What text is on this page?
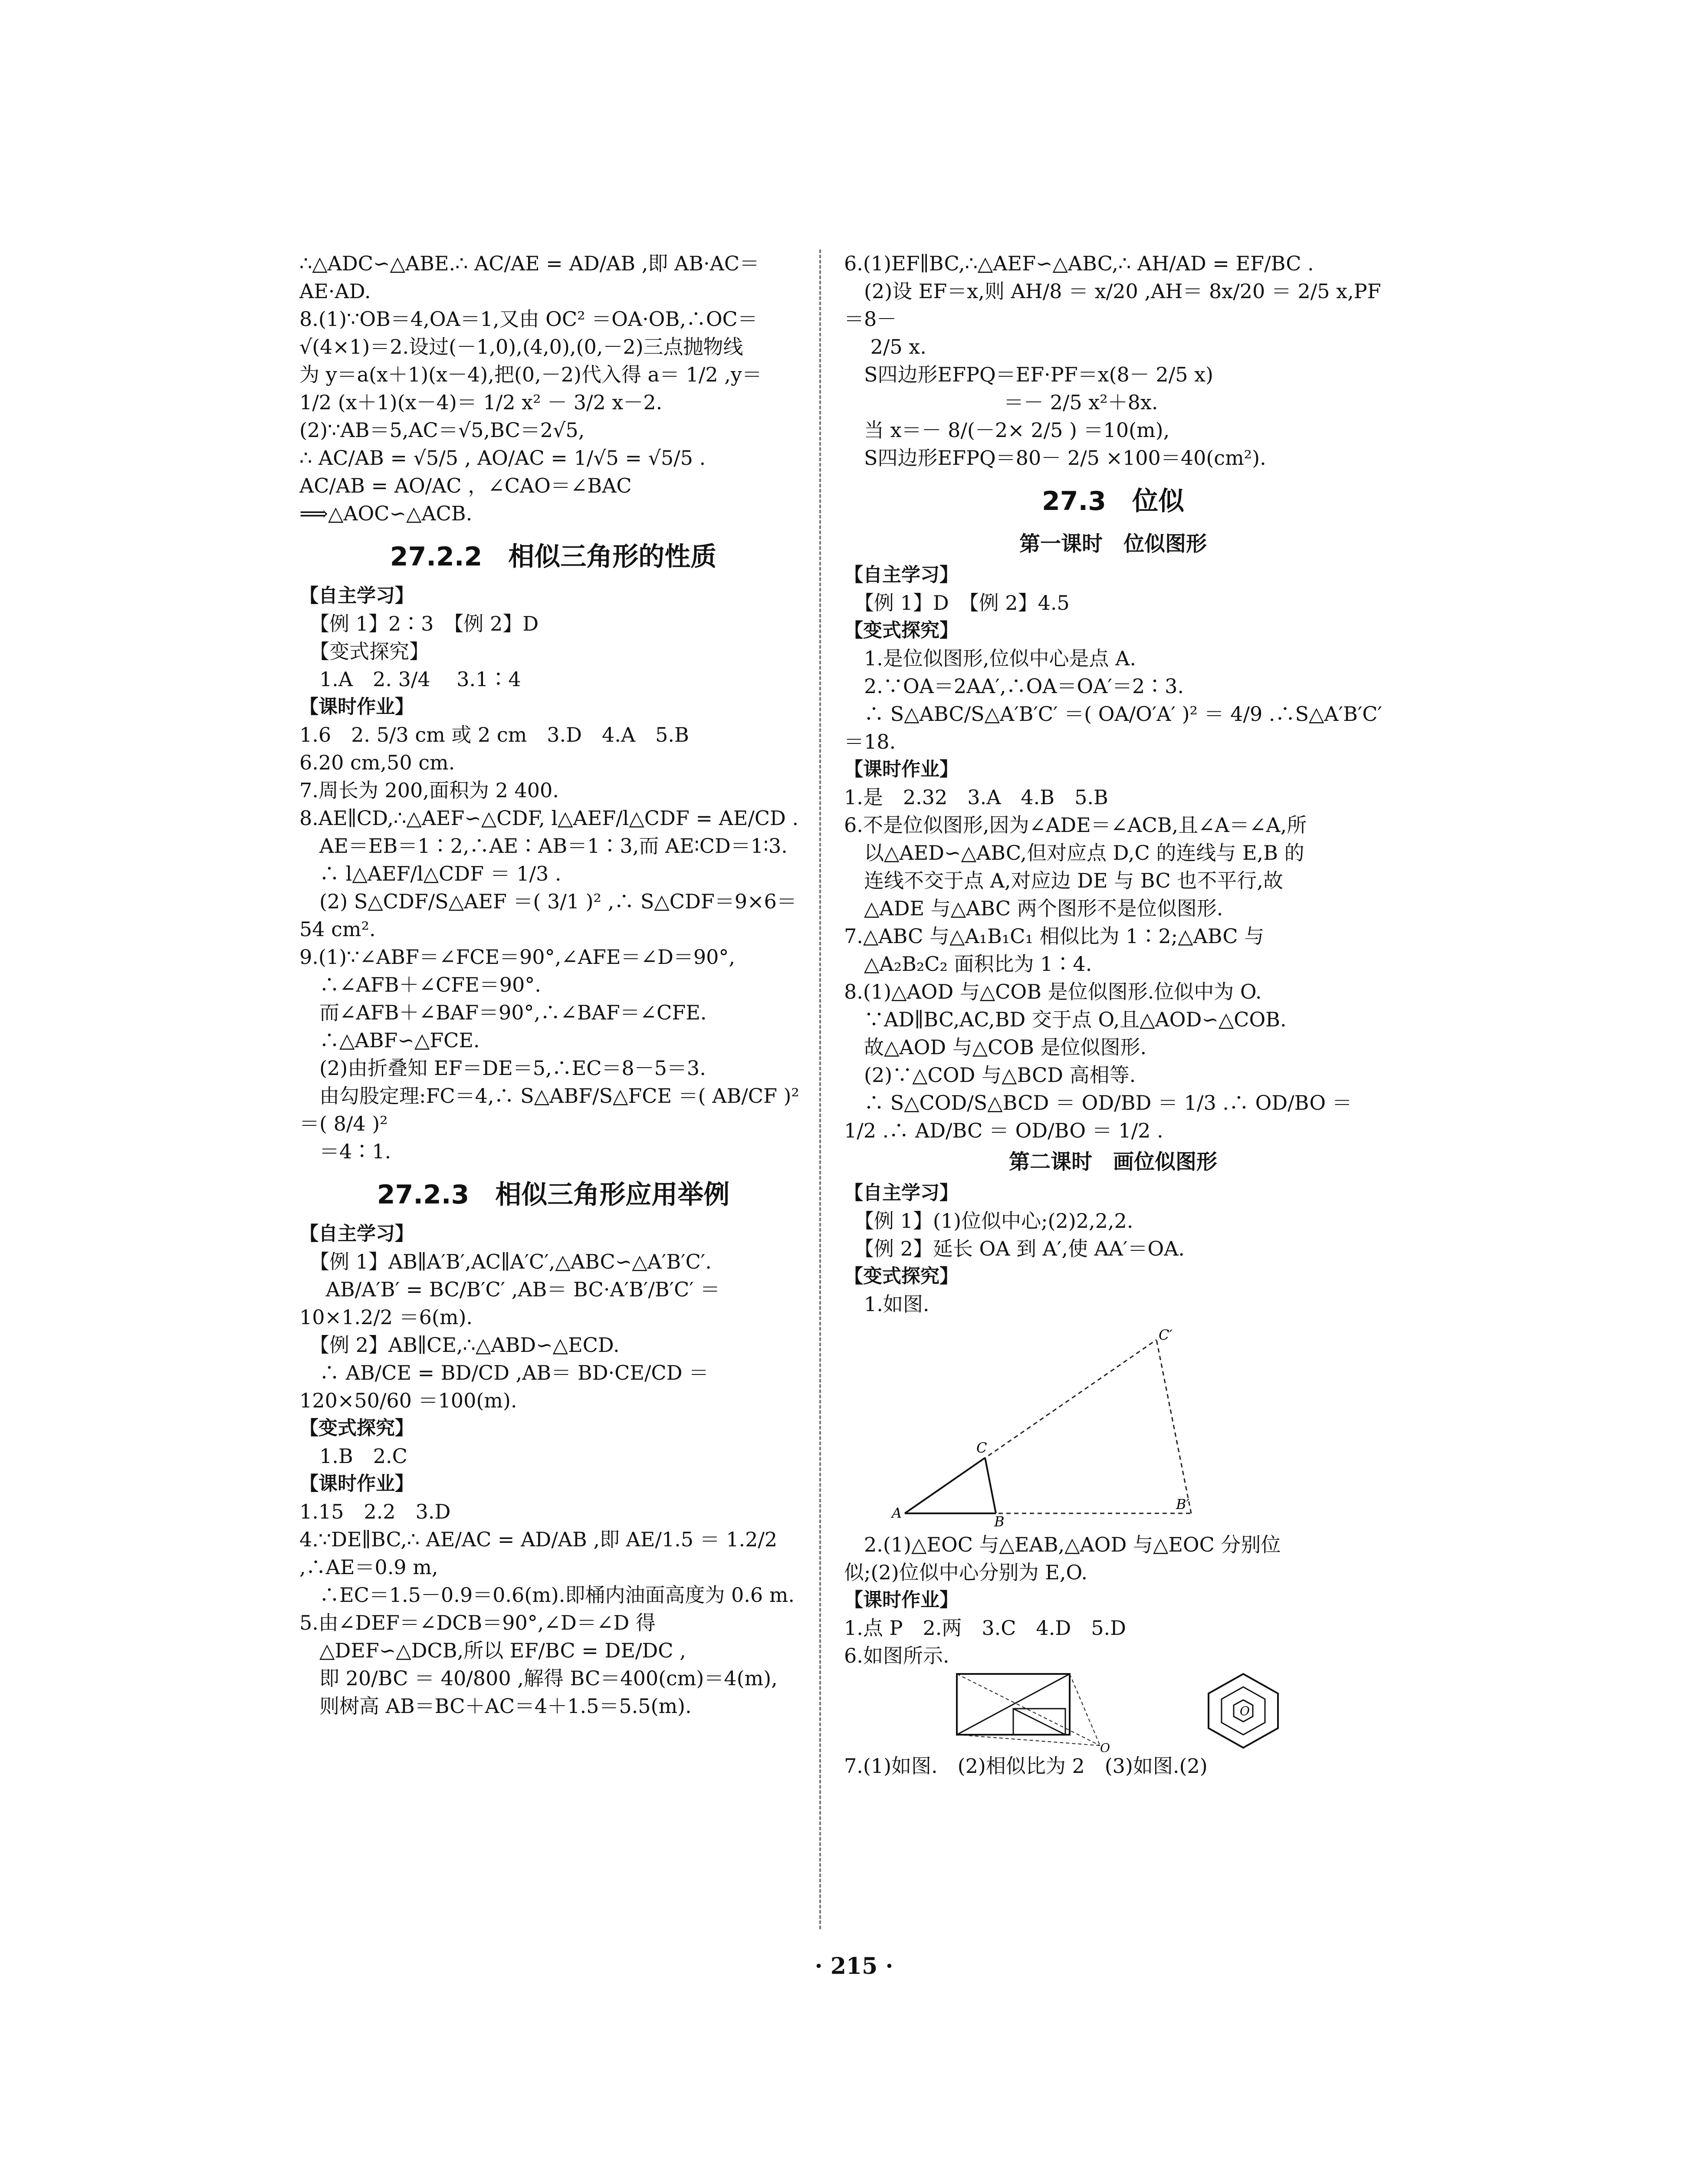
∴△ADC∽△ABE.∴ AC/AE = AD/AB ,即 AB·AC＝AE·AD.

8.(1)∵OB＝4,OA＝1,又由 OC² ＝OA·OB,∴OC＝

√(4×1)＝2.设过(－1,0),(4,0),(0,－2)三点抛物线

为 y＝a(x＋1)(x－4),把(0,－2)代入得 a＝ 1/2 ,y＝

1/2 (x＋1)(x－4)＝ 1/2 x² － 3/2 x－2.

(2)∵AB＝5,AC＝√5,BC＝2√5,

∴ AC/AB = √5/5 , AO/AC = 1/√5 = √5/5 .

AC/AB = AO/AC ，∠CAO＝∠BAC ⟹△AOC∽△ACB.

27.2.2　相似三角形的性质

【自主学习】

　【例 1】2∶3　【例 2】D

　【变式探究】

　1.A　2. 3/4 　3.1∶4

【课时作业】

1.6　2. 5/3 cm 或 2 cm　3.D　4.A　5.B

6.20 cm,50 cm.

7.周长为 200,面积为 2 400.

8.AE∥CD,∴△AEF∽△CDF, l△AEF/l△CDF = AE/CD .

　AE＝EB＝1∶2,∴AE∶AB＝1∶3,而 AE∶CD＝1∶3.

　∴ l△AEF/l△CDF ＝ 1/3 .

　(2) S△CDF/S△AEF ＝( 3/1 )² ,∴ S△CDF＝9×6＝54 cm².

9.(1)∵∠ABF＝∠FCE＝90°,∠AFE＝∠D＝90°,

　∴∠AFB＋∠CFE＝90°.

　而∠AFB＋∠BAF＝90°,∴∠BAF＝∠CFE.

　∴△ABF∽△FCE.

　(2)由折叠知 EF＝DE＝5,∴EC＝8－5＝3.

　由勾股定理:FC＝4,∴ S△ABF/S△FCE ＝( AB/CF )² ＝( 8/4 )²

　＝4∶1.

27.2.3　相似三角形应用举例

【自主学习】

　【例 1】AB∥A′B′,AC∥A′C′,△ABC∽△A′B′C′.

　 AB/A′B′ = BC/B′C′ ,AB＝ BC·A′B′/B′C′ ＝ 10×1.2/2 ＝6(m).

　【例 2】AB∥CE,∴△ABD∽△ECD.

　∴ AB/CE = BD/CD ,AB＝ BD·CE/CD ＝ 120×50/60 ＝100(m).

【变式探究】

　1.B　2.C

【课时作业】

1.15　2.2　3.D

4.∵DE∥BC,∴ AE/AC = AD/AB ,即 AE/1.5 ＝ 1.2/2 ,∴AE＝0.9 m,

　∴EC＝1.5－0.9＝0.6(m).即桶内油面高度为 0.6 m.

5.由∠DEF＝∠DCB＝90°,∠D＝∠D 得

　△DEF∽△DCB,所以 EF/BC = DE/DC ,

　即 20/BC ＝ 40/800 ,解得 BC＝400(cm)＝4(m),

　则树高 AB＝BC＋AC＝4＋1.5＝5.5(m).

6.(1)EF∥BC,∴△AEF∽△ABC,∴ AH/AD = EF/BC .

　(2)设 EF＝x,则 AH/8 ＝ x/20 ,AH＝ 8x/20 ＝ 2/5 x,PF＝8－

　 2/5 x.

　S四边形EFPQ＝EF·PF＝x(8－ 2/5 x)

　　　　　　　　＝－ 2/5 x²＋8x.

　当 x＝－ 8/(－2× 2/5 ) ＝10(m),

　S四边形EFPQ＝80－ 2/5 ×100＝40(cm²).

27.3　位似
第一课时　位似图形

【自主学习】

　【例 1】D　【例 2】4.5

【变式探究】

　1.是位似图形,位似中心是点 A.

　2.∵OA＝2AA′,∴OA＝OA′＝2∶3.

　∴ S△ABC/S△A′B′C′ ＝( OA/O′A′ )² ＝ 4/9 .∴S△A′B′C′＝18.

【课时作业】

1.是　2.32　3.A　4.B　5.B

6.不是位似图形,因为∠ADE＝∠ACB,且∠A＝∠A,所

　以△AED∽△ABC,但对应点 D,C 的连线与 E,B 的

　连线不交于点 A,对应边 DE 与 BC 也不平行,故

　△ADE 与△ABC 两个图形不是位似图形.

7.△ABC 与△A₁B₁C₁ 相似比为 1∶2;△ABC 与

　△A₂B₂C₂ 面积比为 1∶4.

8.(1)△AOD 与△COB 是位似图形.位似中为 O.

　∵AD∥BC,AC,BD 交于点 O,且△AOD∽△COB.

　故△AOD 与△COB 是位似图形.

　(2)∵△COD 与△BCD 高相等.

　∴ S△COD/S△BCD ＝ OD/BD ＝ 1/3 .∴ OD/BO ＝ 1/2 .∴ AD/BC ＝ OD/BO ＝ 1/2 .

第二课时　画位似图形

【自主学习】

　【例 1】(1)位似中心;(2)2,2,2.

　【例 2】延长 OA 到 A′,使 AA′＝OA.

【变式探究】

　1.如图.

A
B
C
B′
C′

　2.(1)△EOC 与△EAB,△AOD 与△EOC 分别位

似;(2)位似中心分别为 E,O.

【课时作业】

1.点 P　2.两　3.C　4.D　5.D

6.如图所示.

O
O

7.(1)如图.　(2)相似比为 2　(3)如图.(2)

· 215 ·
